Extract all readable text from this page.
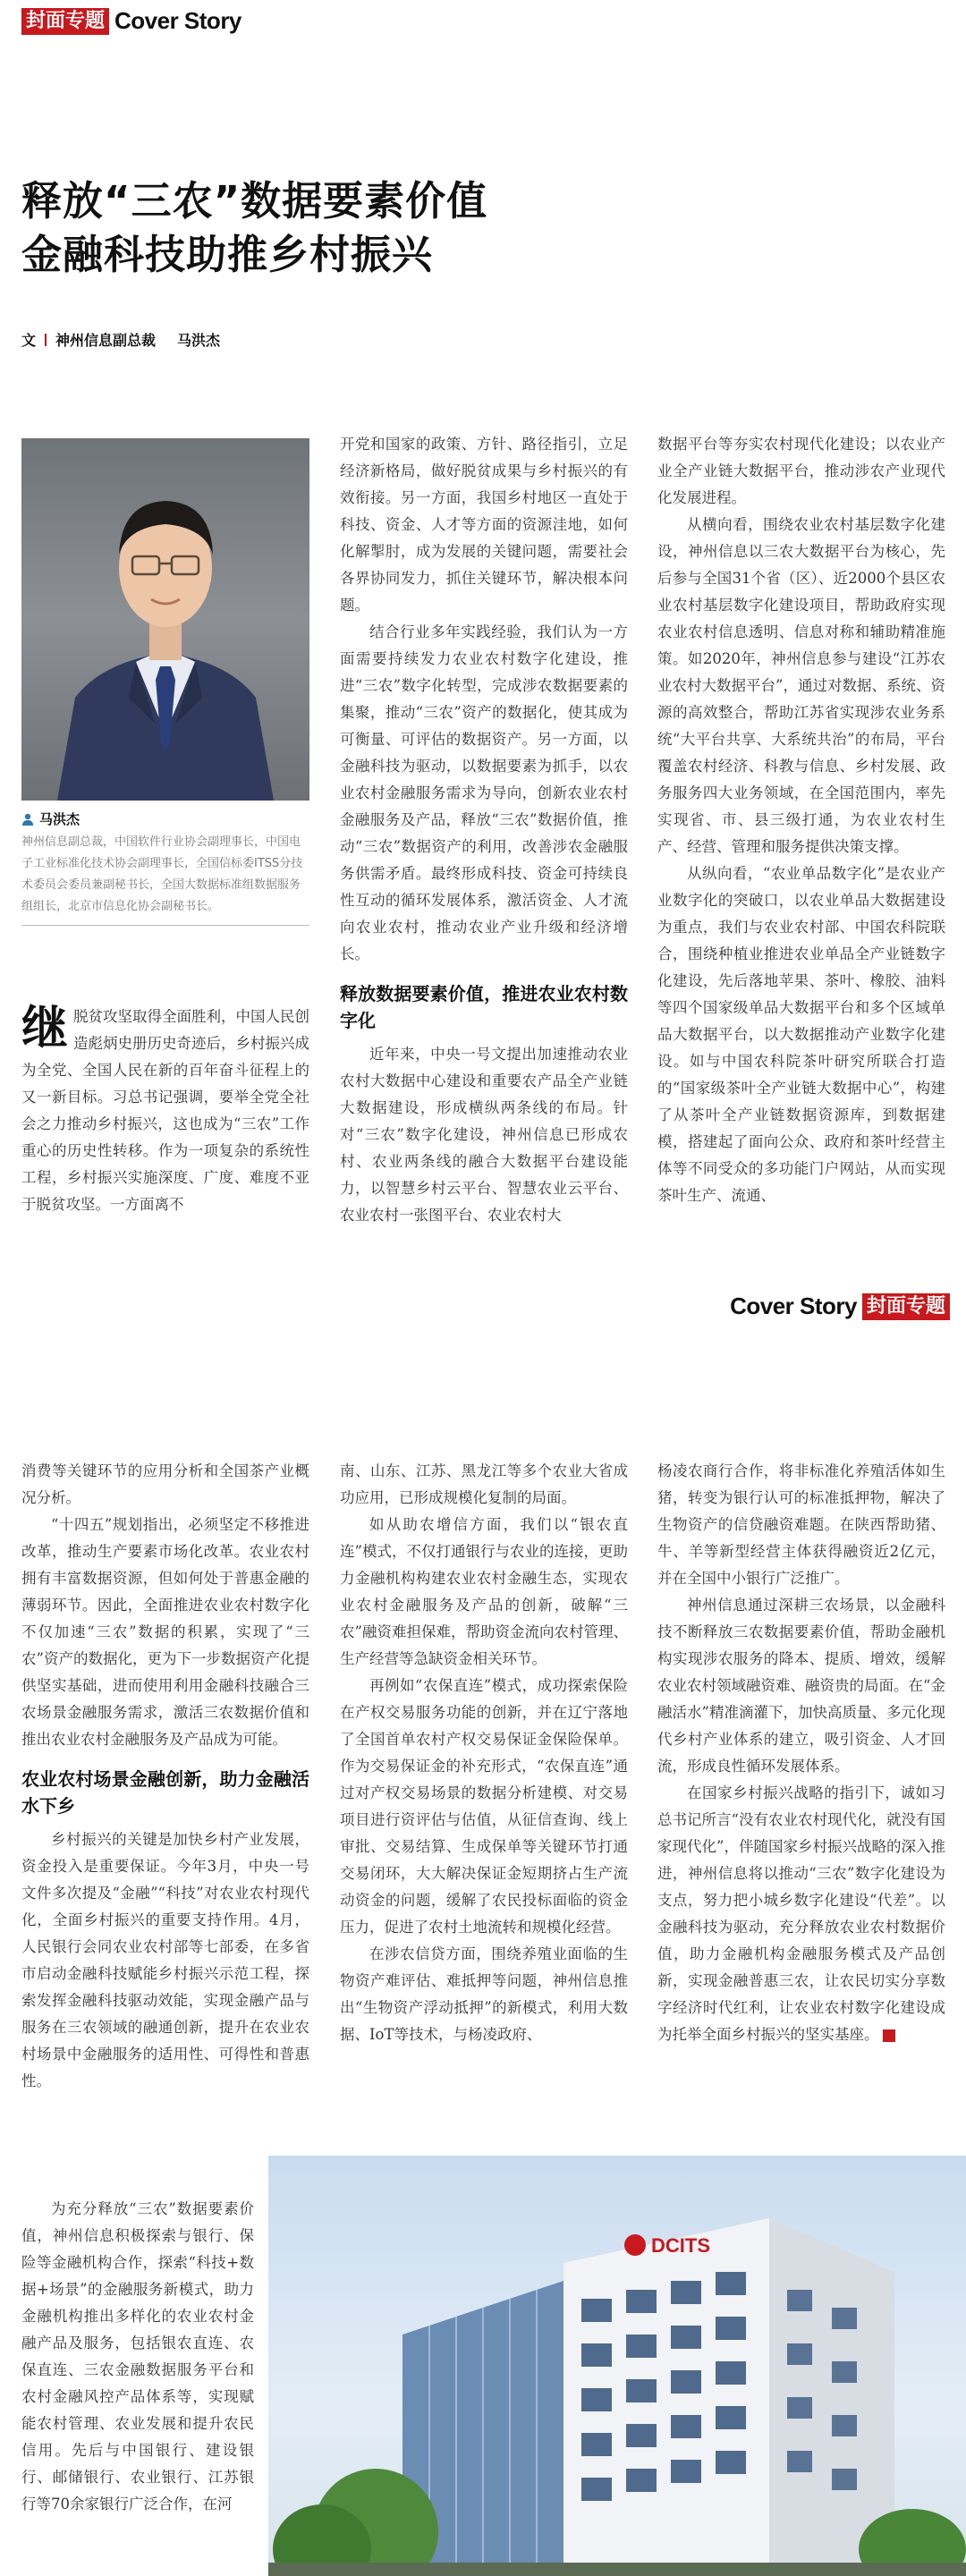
封面专题 Cover Story
释放“三农”数据要素价值
金融科技助推乡村振兴
文 神州信息副总裁 马洪杰
马洪杰
神州信息副总裁，中国软件行业协会副理事长，中国电子工业标准化技术协会副理事长，全国信标委ITSS分技术委员会委员兼副秘书长，全国大数据标准组数据服务组组长，北京市信息化协会副秘书长。

继脱贫攻坚取得全面胜利，中国人民创造彪炳史册历史奇迹后，乡村振兴成为全党、全国人民在新的百年奋斗征程上的又一新目标。习总书记强调，要举全党全社会之力推动乡村振兴，这也成为“三农”工作重心的历史性转移。作为一项复杂的系统性工程，乡村振兴实施深度、广度、难度不亚于脱贫攻坚。一方面离不

开党和国家的政策、方针、路径指引，立足经济新格局，做好脱贫成果与乡村振兴的有效衔接。另一方面，我国乡村地区一直处于科技、资金、人才等方面的资源洼地，如何化解掣肘，成为发展的关键问题，需要社会各界协同发力，抓住关键环节，解决根本问题。

结合行业多年实践经验，我们认为一方面需要持续发力农业农村数字化建设，推进“三农”数字化转型，完成涉农数据要素的集聚，推动“三农”资产的数据化，使其成为可衡量、可评估的数据资产。另一方面，以金融科技为驱动，以数据要素为抓手，以农业农村金融服务需求为导向，创新农业农村金融服务及产品，释放“三农”数据价值，推动“三农”数据资产的利用，改善涉农金融服务供需矛盾。最终形成科技、资金可持续良性互动的循环发展体系，激活资金、人才流向农业农村，推动农业产业升级和经济增长。

释放数据要素价值，推进农业农村数字化

近年来，中央一号文提出加速推动农业农村大数据中心建设和重要农产品全产业链大数据建设，形成横纵两条线的布局。针对“三农”数字化建设，神州信息已形成农村、农业两条线的融合大数据平台建设能力，以智慧乡村云平台、智慧农业云平台、农业农村一张图平台、农业农村大

数据平台等夯实农村现代化建设；以农业产业全产业链大数据平台，推动涉农产业现代化发展进程。

从横向看，围绕农业农村基层数字化建设，神州信息以三农大数据平台为核心，先后参与全国31个省（区）、近2000个县区农业农村基层数字化建设项目，帮助政府实现农业农村信息透明、信息对称和辅助精准施策。如2020年，神州信息参与建设“江苏农业农村大数据平台”，通过对数据、系统、资源的高效整合，帮助江苏省实现涉农业务系统“大平台共享、大系统共治”的布局，平台覆盖农村经济、科教与信息、乡村发展、政务服务四大业务领域，在全国范围内，率先实现省、市、县三级打通，为农业农村生产、经营、管理和服务提供决策支撑。

从纵向看，“农业单品数字化”是农业产业数字化的突破口，以农业单品大数据建设为重点，我们与农业农村部、中国农科院联合，围绕种植业推进农业单品全产业链数字化建设，先后落地苹果、茶叶、橡胶、油料等四个国家级单品大数据平台和多个区域单品大数据平台，以大数据推动产业数字化建设。如与中国农科院茶叶研究所联合打造的“国家级茶叶全产业链大数据中心”，构建了从茶叶全产业链数据资源库，到数据建模，搭建起了面向公众、政府和茶叶经营主体等不同受众的多功能门户网站，从而实现茶叶生产、流通、

Cover Story 封面专题

消费等关键环节的应用分析和全国茶产业概况分析。

“十四五”规划指出，必须坚定不移推进改革，推动生产要素市场化改革。农业农村拥有丰富数据资源，但如何处于普惠金融的薄弱环节。因此，全面推进农业农村数字化不仅加速“三农”数据的积累，实现了“三农”资产的数据化，更为下一步数据资产化提供坚实基础，进而使用利用金融科技融合三农场景金融服务需求，激活三农数据价值和推出农业农村金融服务及产品成为可能。

农业农村场景金融创新，助力金融活水下乡

乡村振兴的关键是加快乡村产业发展，资金投入是重要保证。今年3月，中央一号文件多次提及“金融”“科技”对农业农村现代化，全面乡村振兴的重要支持作用。4月，人民银行会同农业农村部等七部委，在多省市启动金融科技赋能乡村振兴示范工程，探索发挥金融科技驱动效能，实现金融产品与服务在三农领域的融通创新，提升在农业农村场景中金融服务的适用性、可得性和普惠性。

为充分释放“三农”数据要素价值，神州信息积极探索与银行、保险等金融机构合作，探索“科技+数据+场景”的金融服务新模式，助力金融机构推出多样化的农业农村金融产品及服务，包括银农直连、农保直连、三农金融数据服务平台和农村金融风控产品体系等，实现赋能农村管理、农业发展和提升农民信用。先后与中国银行、建设银行、邮储银行、农业银行、江苏银行等70余家银行广泛合作，在河

南、山东、江苏、黑龙江等多个农业大省成功应用，已形成规模化复制的局面。

如从助农增信方面，我们以“银农直连”模式，不仅打通银行与农业的连接，更助力金融机构构建农业农村金融生态，实现农业农村金融服务及产品的创新，破解“三农”融资难担保难，帮助资金流向农村管理、生产经营等急缺资金相关环节。

再例如“农保直连”模式，成功探索保险在产权交易服务功能的创新，并在辽宁落地了全国首单农村产权交易保证金保险保单。作为交易保证金的补充形式，“农保直连”通过对产权交易场景的数据分析建模、对交易项目进行资评估与估值，从征信查询、线上审批、交易结算、生成保单等关键环节打通交易闭环，大大解决保证金短期挤占生产流动资金的问题，缓解了农民投标面临的资金压力，促进了农村土地流转和规模化经营。

在涉农信贷方面，围绕养殖业面临的生物资产难评估、难抵押等问题，神州信息推出“生物资产浮动抵押”的新模式，利用大数据、IoT等技术，与杨凌政府、

杨凌农商行合作，将非标准化养殖活体如生猪，转变为银行认可的标准抵押物，解决了生物资产的信贷融资难题。在陕西帮助猪、牛、羊等新型经营主体获得融资近2亿元，并在全国中小银行广泛推广。

神州信息通过深耕三农场景，以金融科技不断释放三农数据要素价值，帮助金融机构实现涉农服务的降本、提质、增效，缓解农业农村领域融资难、融资贵的局面。在“金融活水”精准滴灌下，加快高质量、多元化现代乡村产业体系的建立，吸引资金、人才回流，形成良性循环发展体系。

在国家乡村振兴战略的指引下，诚如习总书记所言“没有农业农村现代化，就没有国家现代化”，伴随国家乡村振兴战略的深入推进，神州信息将以推动“三农”数字化建设为支点，努力把小城乡数字化建设“代差”。以金融科技为驱动，充分释放农业农村数据价值，助力金融机构金融服务模式及产品创新，实现金融普惠三农，让农民切实分享数字经济时代红利，让农业农村数字化建设成为托举全面乡村振兴的坚实基座。

DCITS
